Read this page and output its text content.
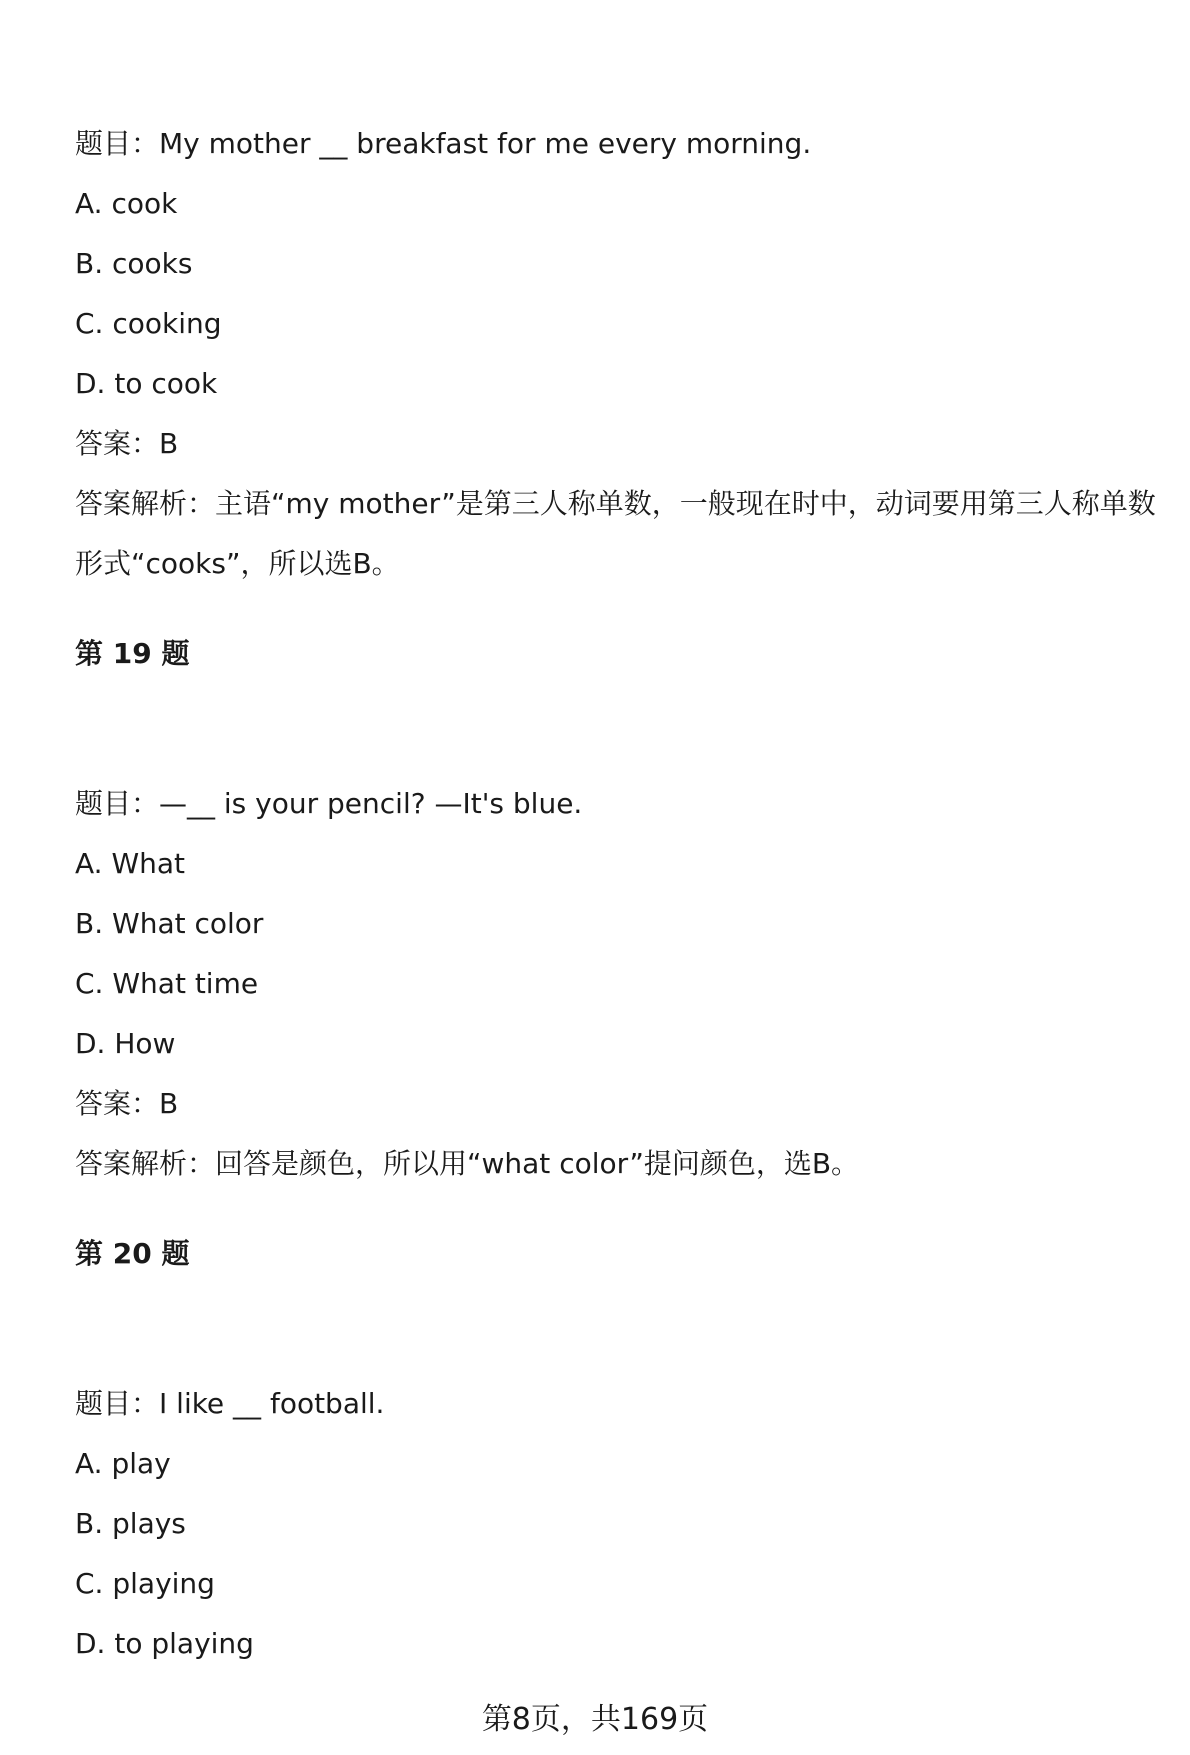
题目：My mother __ breakfast for me every morning.
A. cook
B. cooks
C. cooking
D. to cook
答案：B
答案解析：主语“my mother”是第三人称单数，一般现在时中，动词要用第三人称单数形式“cooks”，所以选B。
第 19 题
题目：—__ is your pencil? —It's blue.
A. What
B. What color
C. What time
D. How
答案：B
答案解析：回答是颜色，所以用“what color”提问颜色，选B。
第 20 题
题目：I like __ football.
A. play
B. plays
C. playing
D. to playing
第8页，共169页
